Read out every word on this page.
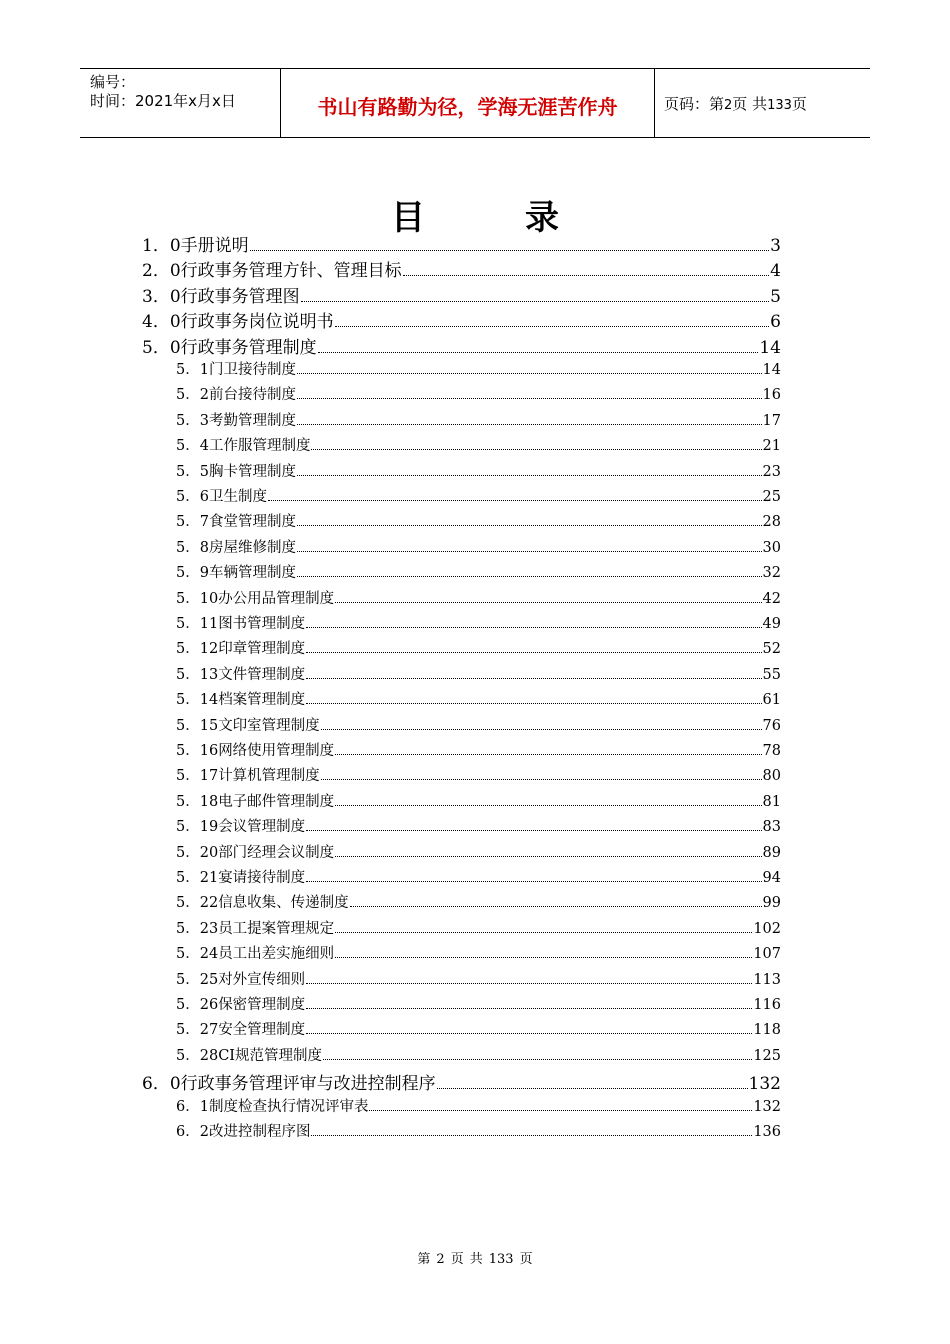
编号：
时间：2021年x月x日	书山有路勤为径，学海无涯苦作舟	页码：第2页 共133页
目	录
1．0 手册说明	3
2．0 行政事务管理方针、管理目标	4
3．0 行政事务管理图	5
4．0 行政事务岗位说明书	6
5．0 行政事务管理制度	14
5．1 门卫接待制度	14
5．2 前台接待制度	16
5．3 考勤管理制度	17
5．4 工作服管理制度	21
5．5 胸卡管理制度	23
5．6 卫生制度	25
5．7 食堂管理制度	28
5．8 房屋维修制度	30
5．9 车辆管理制度	32
5．10 办公用品管理制度	42
5．11 图书管理制度	49
5．12 印章管理制度	52
5．13 文件管理制度	55
5．14 档案管理制度	61
5．15 文印室管理制度	76
5．16 网络使用管理制度	78
5．17 计算机管理制度	80
5．18 电子邮件管理制度	81
5．19 会议管理制度	83
5．20 部门经理会议制度	89
5．21 宴请接待制度	94
5．22 信息收集、传递制度	99
5．23 员工提案管理规定	102
5．24 员工出差实施细则	107
5．25 对外宣传细则	113
5．26 保密管理制度	116
5．27 安全管理制度	118
5．28 CI规范管理制度	125
6．0 行政事务管理评审与改进控制程序	132
6．1 制度检查执行情况评审表	132
6．2 改进控制程序图	136
第 2 页 共 133 页
